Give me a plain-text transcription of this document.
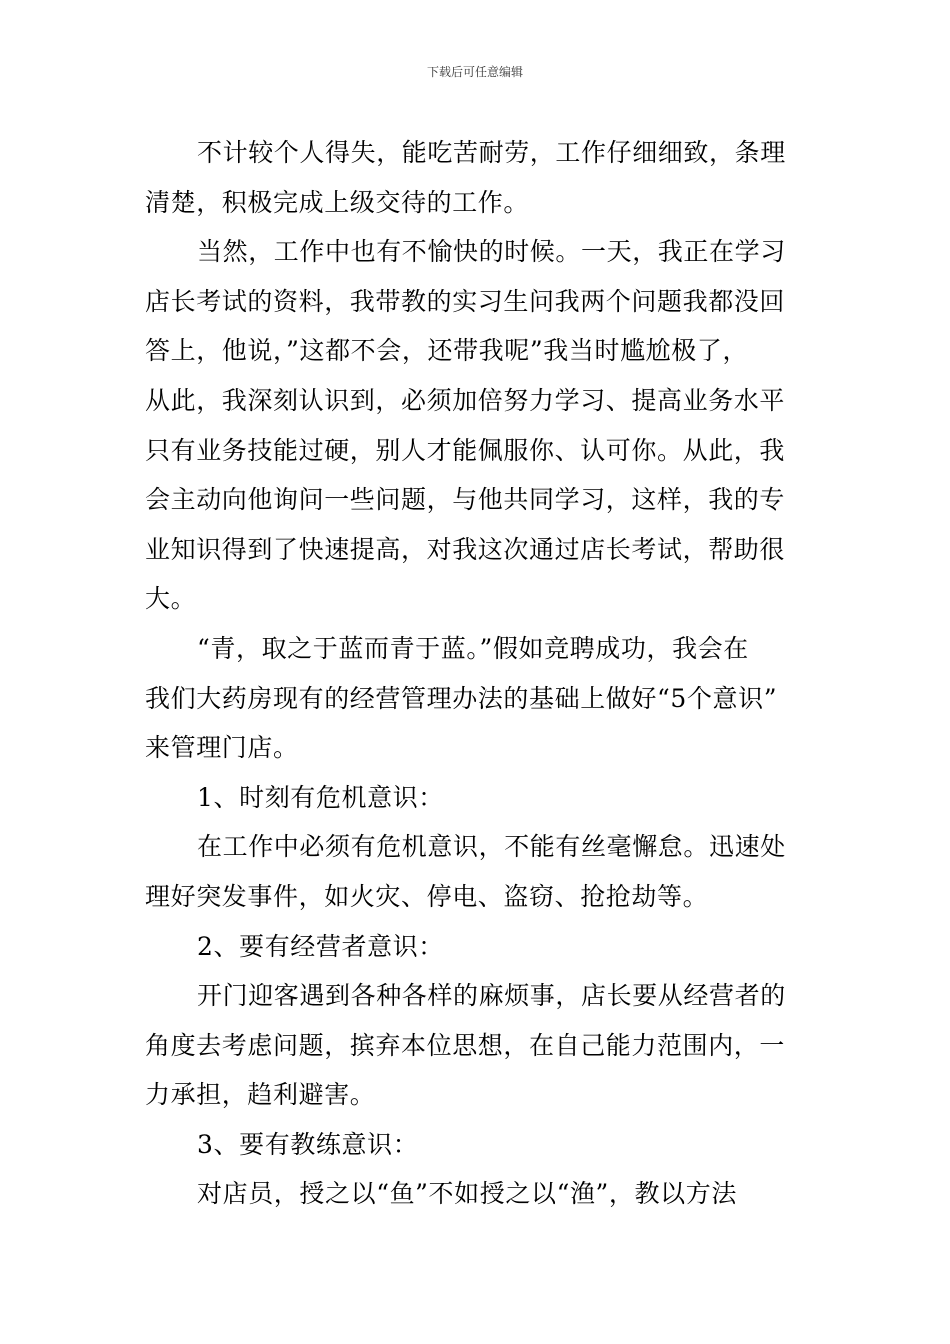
下载后可任意编辑
不计较个人得失，能吃苦耐劳，工作仔细细致，条理
清楚，积极完成上级交待的工作。
当然，工作中也有不愉快的时候。一天，我正在学习
店长考试的资料，我带教的实习生问我两个问题我都没回
答上，他说，”这都不会，还带我呢”我当时尴尬极了，
从此，我深刻认识到，必须加倍努力学习、提高业务水平
只有业务技能过硬，别人才能佩服你、认可你。从此，我
会主动向他询问一些问题，与他共同学习，这样，我的专
业知识得到了快速提高，对我这次通过店长考试，帮助很
大。
“青，取之于蓝而青于蓝。”假如竞聘成功，我会在
我们大药房现有的经营管理办法的基础上做好“5个意识”
来管理门店。
1、时刻有危机意识：
在工作中必须有危机意识，不能有丝毫懈怠。迅速处
理好突发事件，如火灾、停电、盗窃、抢抢劫等。
2、要有经营者意识：
开门迎客遇到各种各样的麻烦事，店长要从经营者的
角度去考虑问题，摈弃本位思想，在自己能力范围内，一
力承担，趋利避害。
3、要有教练意识：
对店员，授之以“鱼”不如授之以“渔”，教以方法
